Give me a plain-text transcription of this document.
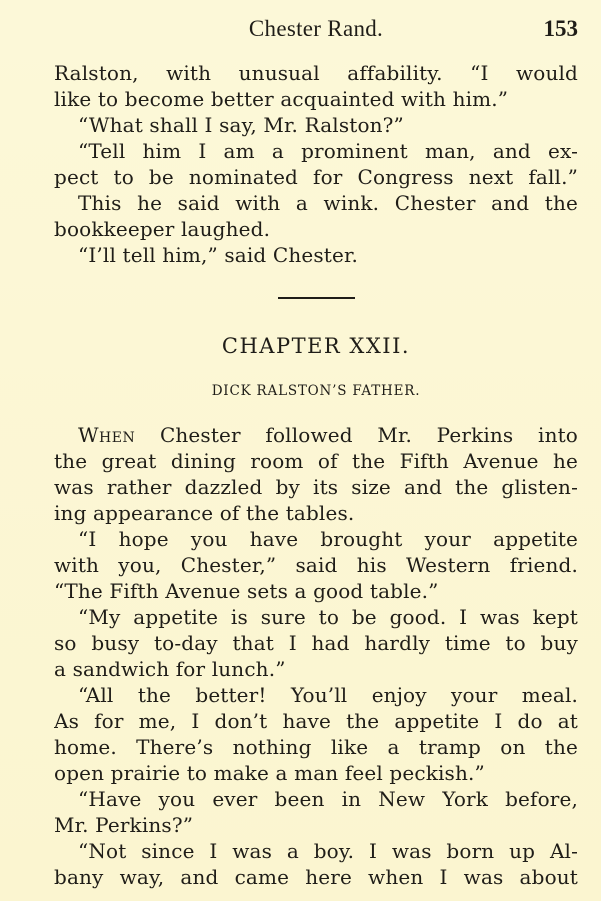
Chester Rand.	153
Ralston, with unusual affability. “I would
like to become better acquainted with him.”
“What shall I say, Mr. Ralston?”
“Tell him I am a prominent man, and ex-
pect to be nominated for Congress next fall.”
This he said with a wink. Chester and the
bookkeeper laughed.
“I’ll tell him,” said Chester.
CHAPTER XXII.
DICK RALSTON’S FATHER.
When Chester followed Mr. Perkins into
the great dining room of the Fifth Avenue he
was rather dazzled by its size and the glisten-
ing appearance of the tables.
“I hope you have brought your appetite
with you, Chester,” said his Western friend.
“The Fifth Avenue sets a good table.”
“My appetite is sure to be good. I was kept
so busy to-day that I had hardly time to buy
a sandwich for lunch.”
“All the better! You’ll enjoy your meal.
As for me, I don’t have the appetite I do at
home. There’s nothing like a tramp on the
open prairie to make a man feel peckish.”
“Have you ever been in New York before,
Mr. Perkins?”
“Not since I was a boy. I was born up Al-
bany way, and came here when I was about
